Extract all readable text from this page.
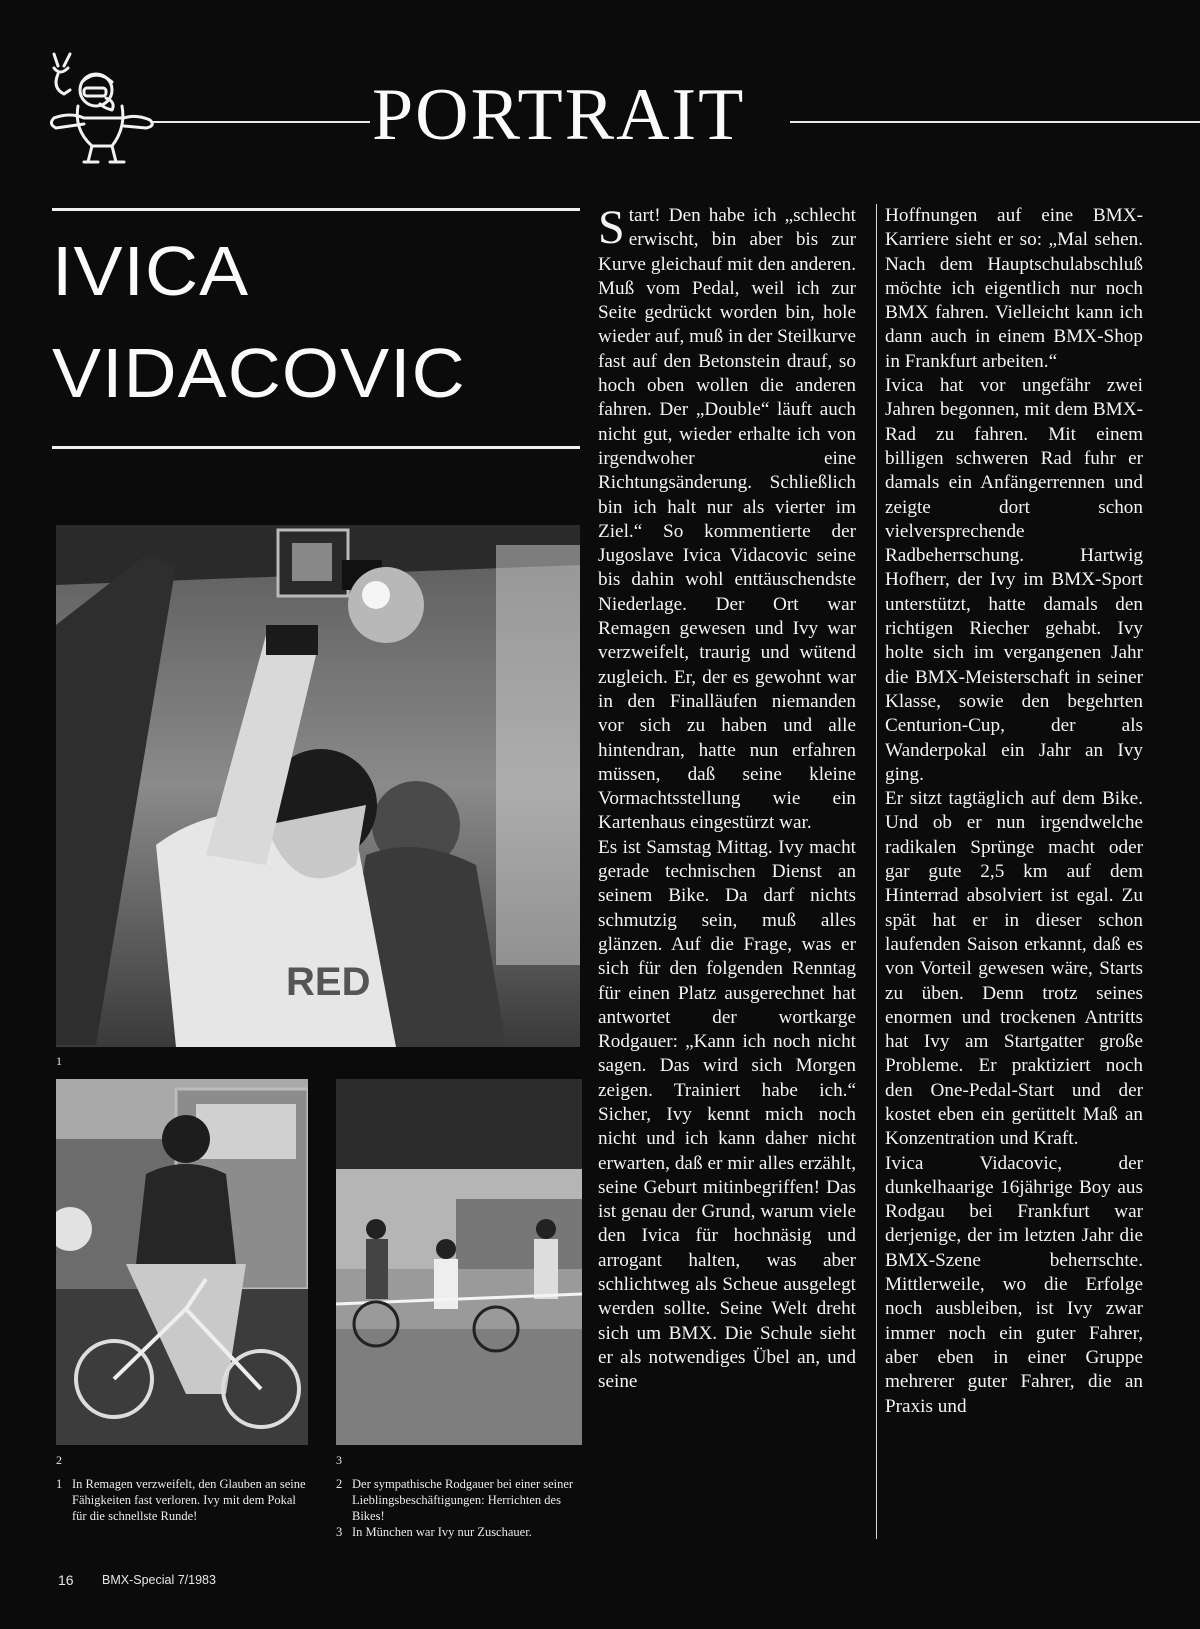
PORTRAIT
IVICA
VIDACOVIC
RED
1
2	3
1 In Remagen verzweifelt, den Glauben an seine Fähigkeiten fast verloren. Ivy mit dem Pokal für die schnellste Runde!
2 Der sympathische Rodgauer bei einer seiner Lieblingsbeschäftigungen: Herrichten des Bikes!
3 In München war Ivy nur Zuschauer.

Start! Den habe ich „schlecht erwischt, bin aber bis zur Kurve gleichauf mit den anderen. Muß vom Pedal, weil ich zur Seite gedrückt worden bin, hole wieder auf, muß in der Steilkurve fast auf den Betonstein drauf, so hoch oben wollen die anderen fahren. Der „Double“ läuft auch nicht gut, wieder erhalte ich von irgendwoher eine Richtungsänderung. Schließlich bin ich halt nur als vierter im Ziel.“ So kommentierte der Jugoslave Ivica Vidacovic seine bis dahin wohl enttäuschendste Niederlage. Der Ort war Remagen gewesen und Ivy war verzweifelt, traurig und wütend zugleich. Er, der es gewohnt war in den Finalläufen niemanden vor sich zu haben und alle hintendran, hatte nun erfahren müssen, daß seine kleine Vormachtsstellung wie ein Kartenhaus eingestürzt war.

Es ist Samstag Mittag. Ivy macht gerade technischen Dienst an seinem Bike. Da darf nichts schmutzig sein, muß alles glänzen. Auf die Frage, was er sich für den folgenden Renntag für einen Platz ausgerechnet hat antwortet der wortkarge Rodgauer: „Kann ich noch nicht sagen. Das wird sich Morgen zeigen. Trainiert habe ich.“ Sicher, Ivy kennt mich noch nicht und ich kann daher nicht erwarten, daß er mir alles erzählt, seine Geburt mitinbegriffen! Das ist genau der Grund, warum viele den Ivica für hochnäsig und arrogant halten, was aber schlichtweg als Scheue ausgelegt werden sollte. Seine Welt dreht sich um BMX. Die Schule sieht er als notwendiges Übel an, und seine

Hoffnungen auf eine BMX-Karriere sieht er so: „Mal sehen. Nach dem Hauptschulabschluß möchte ich eigentlich nur noch BMX fahren. Vielleicht kann ich dann auch in einem BMX-Shop in Frankfurt arbeiten.“

Ivica hat vor ungefähr zwei Jahren begonnen, mit dem BMX-Rad zu fahren. Mit einem billigen schweren Rad fuhr er damals ein Anfängerrennen und zeigte dort schon vielversprechende Radbeherrschung. Hartwig Hofherr, der Ivy im BMX-Sport unterstützt, hatte damals den richtigen Riecher gehabt. Ivy holte sich im vergangenen Jahr die BMX-Meisterschaft in seiner Klasse, sowie den begehrten Centurion-Cup, der als Wanderpokal ein Jahr an Ivy ging.

Er sitzt tagtäglich auf dem Bike. Und ob er nun irgendwelche radikalen Sprünge macht oder gar gute 2,5 km auf dem Hinterrad absolviert ist egal. Zu spät hat er in dieser schon laufenden Saison erkannt, daß es von Vorteil gewesen wäre, Starts zu üben. Denn trotz seines enormen und trockenen Antritts hat Ivy am Startgatter große Probleme. Er praktiziert noch den One-Pedal-Start und der kostet eben ein gerüttelt Maß an Konzentration und Kraft.

Ivica Vidacovic, der dunkelhaarige 16jährige Boy aus Rodgau bei Frankfurt war derjenige, der im letzten Jahr die BMX-Szene beherrschte. Mittlerweile, wo die Erfolge noch ausbleiben, ist Ivy zwar immer noch ein guter Fahrer, aber eben in einer Gruppe mehrerer guter Fahrer, die an Praxis und

16 BMX-Special 7/1983
